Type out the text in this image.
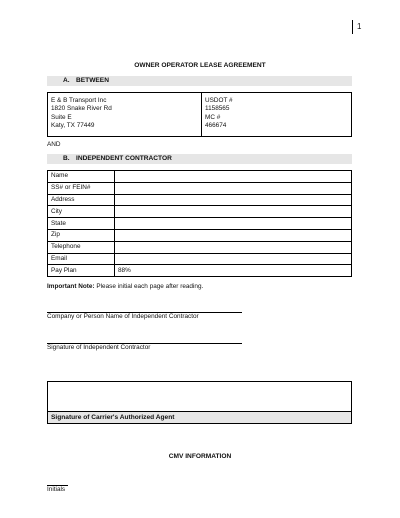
1
OWNER OPERATOR LEASE AGREEMENT
A. BETWEEN
E & B Transport Inc
1820 Snake River Rd
Suite E
Katy, TX 77449
USDOT #
1158565
MC #
466674
AND
B. INDEPENDENT CONTRACTOR
Name	
SS# or FEIN#	
Address	
City	
State	
Zip	
Telephone	
Email	
Pay Plan	88%
Important Note: Please initial each page after reading.
Company or Person Name of Independent Contractor
Signature of Independent Contractor
Signature of Carrier's Authorized Agent
CMV INFORMATION
Initials
